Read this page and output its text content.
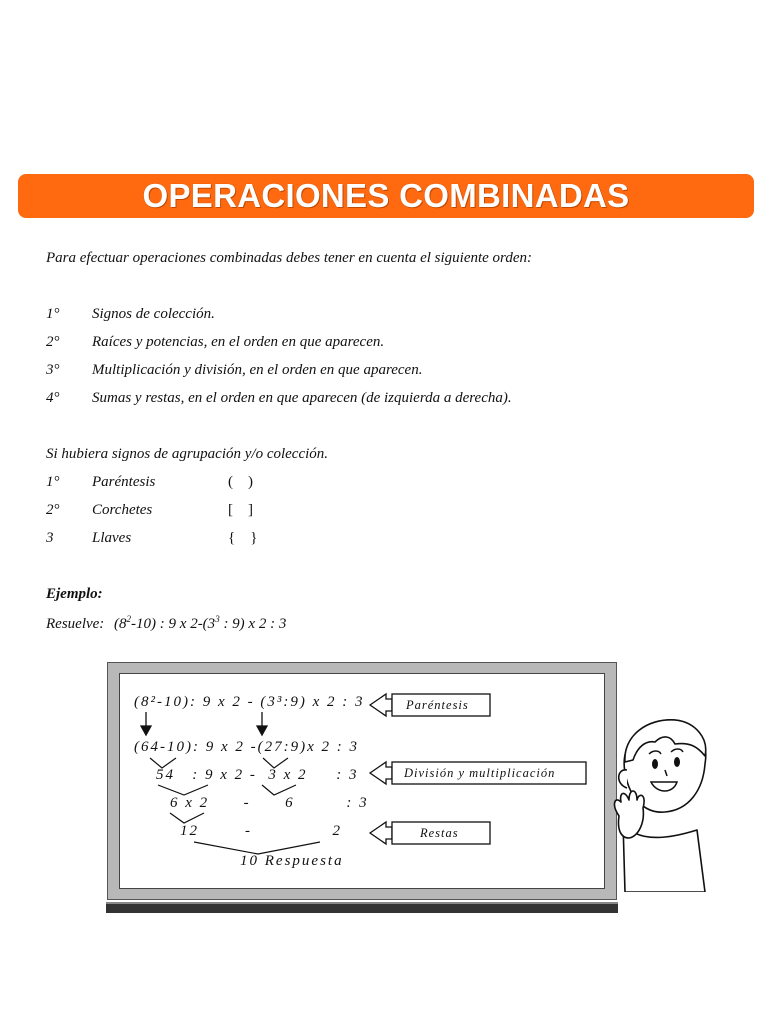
OPERACIONES COMBINADAS
Para efectuar operaciones combinadas debes tener en cuenta el siguiente orden:
1° Signos de colección.
2° Raíces y potencias, en el orden en que aparecen.
3° Multiplicación y división, en el orden en que aparecen.
4° Sumas y restas, en el orden en que aparecen (de izquierda a derecha).
Si hubiera signos de agrupación y/o colección.
1° Paréntesis	(    )
2° Corchetes	[    ]
3	Llaves	{    }
Ejemplo:
Resuelve: $(8^2-10)$ : 9 x $2-(3^3$ : 9) x 2 : 3
(8²-10): 9 x 2 - (3³:9) x 2 : 3
(64-10): 9 x 2 -(27:9)x 2 : 3
54   : 9 x 2 -  3 x 2     : 3
6 x 2      -      6         : 3
12        -              2
10 Respuesta
Paréntesis
División y multiplicación
Restas
